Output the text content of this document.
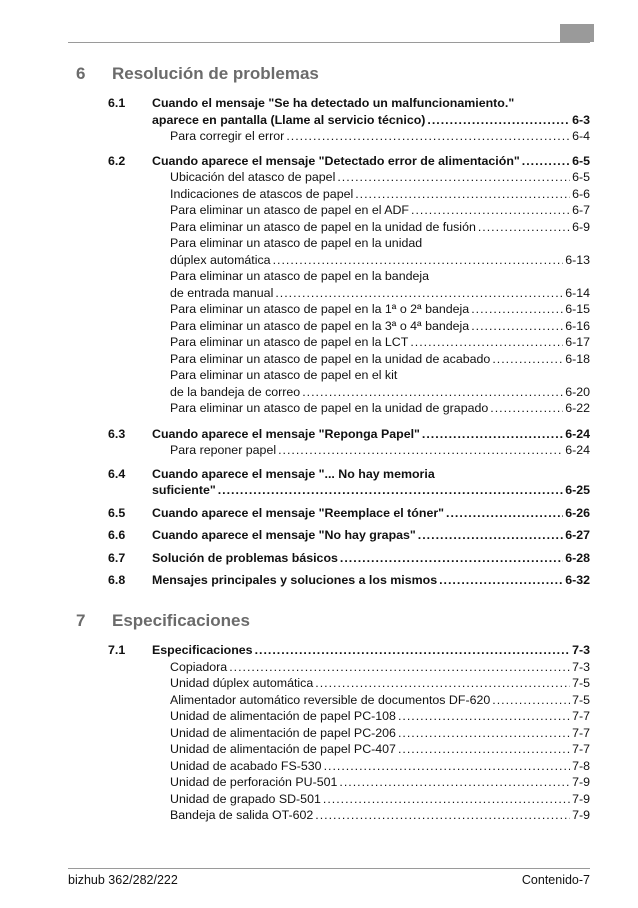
6 Resolución de problemas
6.1 Cuando el mensaje "Se ha detectado un malfuncionamiento."
aparece en pantalla (Llame al servicio técnico) .....	6-3
Para corregir el error .....	6-4
6.2 Cuando aparece el mensaje "Detectado error de alimentación" .....	6-5
Ubicación del atasco de papel .....	6-5
Indicaciones de atascos de papel .....	6-6
Para eliminar un atasco de papel en el ADF .....	6-7
Para eliminar un atasco de papel en la unidad de fusión .....	6-9
Para eliminar un atasco de papel en la unidad
dúplex automática .....	6-13
Para eliminar un atasco de papel en la bandeja
de entrada manual .....	6-14
Para eliminar un atasco de papel en la 1ª o 2ª bandeja .....	6-15
Para eliminar un atasco de papel en la 3ª o 4ª bandeja .....	6-16
Para eliminar un atasco de papel en la LCT .....	6-17
Para eliminar un atasco de papel en la unidad de acabado .....	6-18
Para eliminar un atasco de papel en el kit
de la bandeja de correo .....	6-20
Para eliminar un atasco de papel en la unidad de grapado .....	6-22
6.3 Cuando aparece el mensaje "Reponga Papel" .....	6-24
Para reponer papel .....	6-24
6.4 Cuando aparece el mensaje "... No hay memoria
suficiente" .....	6-25
6.5 Cuando aparece el mensaje "Reemplace el tóner" .....	6-26
6.6 Cuando aparece el mensaje "No hay grapas" .....	6-27
6.7 Solución de problemas básicos .....	6-28
6.8 Mensajes principales y soluciones a los mismos .....	6-32
7 Especificaciones
7.1 Especificaciones .....	7-3
Copiadora .....	7-3
Unidad dúplex automática .....	7-5
Alimentador automático reversible de documentos DF-620 .....	7-5
Unidad de alimentación de papel PC-108 .....	7-7
Unidad de alimentación de papel PC-206 .....	7-7
Unidad de alimentación de papel PC-407 .....	7-7
Unidad de acabado FS-530 .....	7-8
Unidad de perforación PU-501 .....	7-9
Unidad de grapado SD-501 .....	7-9
Bandeja de salida OT-602 .....	7-9
bizhub 362/282/222	Contenido-7
